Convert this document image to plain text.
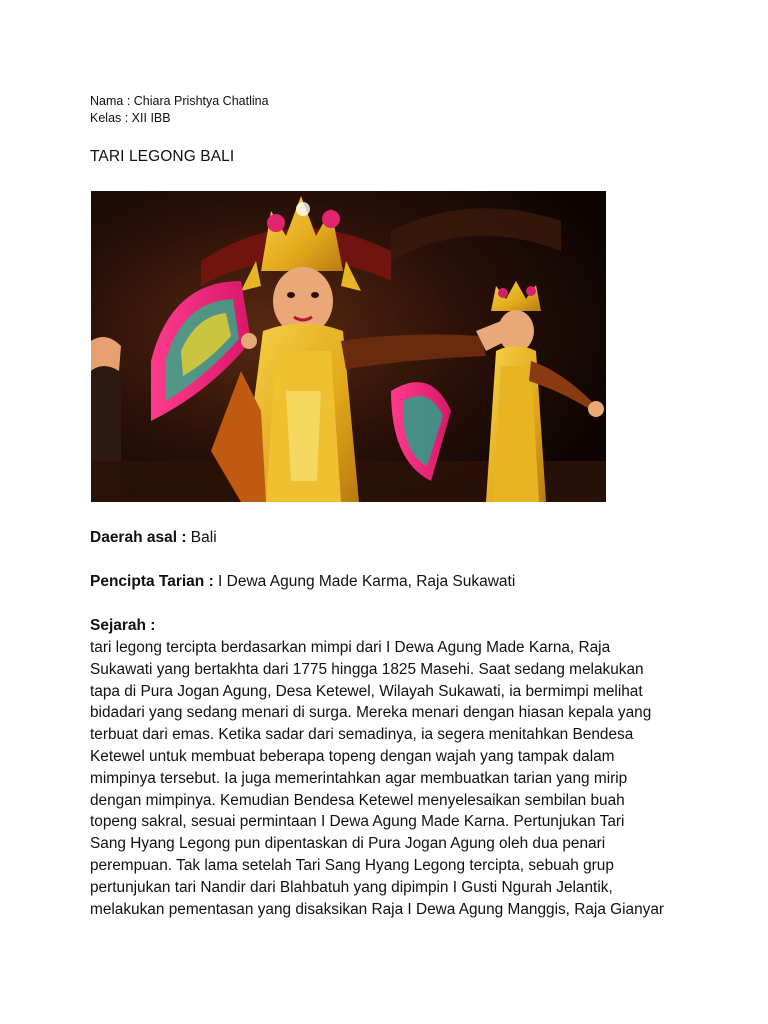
Nama : Chiara Prishtya Chatlina
Kelas : XII IBB
TARI LEGONG BALI
Daerah asal : Bali
Pencipta Tarian : I Dewa Agung Made Karma, Raja Sukawati
Sejarah :
tari legong tercipta berdasarkan mimpi dari I Dewa Agung Made Karna, Raja
Sukawati yang bertakhta dari 1775 hingga 1825 Masehi. Saat sedang melakukan
tapa di Pura Jogan Agung, Desa Ketewel, Wilayah Sukawati, ia bermimpi melihat
bidadari yang sedang menari di surga. Mereka menari dengan hiasan kepala yang
terbuat dari emas. Ketika sadar dari semadinya, ia segera menitahkan Bendesa
Ketewel untuk membuat beberapa topeng dengan wajah yang tampak dalam
mimpinya tersebut. Ia juga memerintahkan agar membuatkan tarian yang mirip
dengan mimpinya. Kemudian Bendesa Ketewel menyelesaikan sembilan buah
topeng sakral, sesuai permintaan I Dewa Agung Made Karna. Pertunjukan Tari
Sang Hyang Legong pun dipentaskan di Pura Jogan Agung oleh dua penari
perempuan. Tak lama setelah Tari Sang Hyang Legong tercipta, sebuah grup
pertunjukan tari Nandir dari Blahbatuh yang dipimpin I Gusti Ngurah Jelantik,
melakukan pementasan yang disaksikan Raja I Dewa Agung Manggis, Raja Gianyar
